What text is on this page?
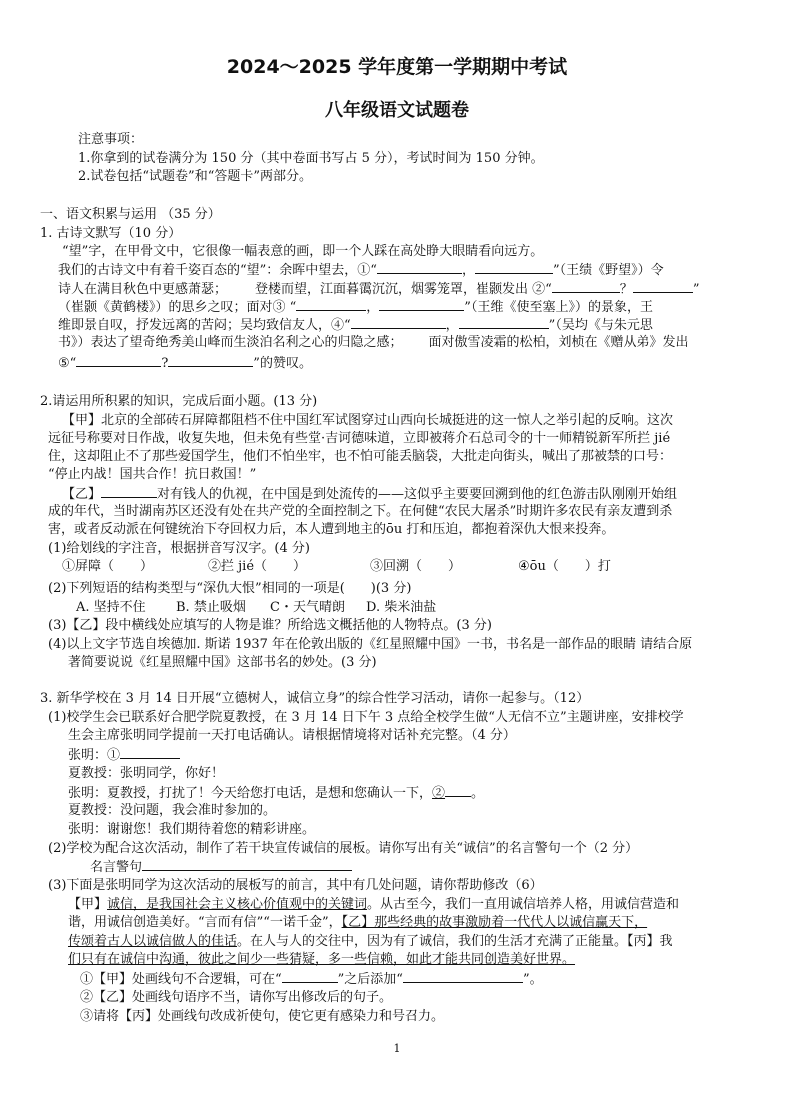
2024～2025 学年度第一学期期中考试
八年级语文试题卷
注意事项：
1.你拿到的试卷满分为 150 分（其中卷面书写占 5 分），考试时间为 150 分钟。
2.试卷包括“试题卷”和“答题卡”两部分。
一、语文积累与运用 （35 分）
1. 古诗文默写（10 分）
“望”字，在甲骨文中，它很像一幅表意的画，即一个人踩在高处睁大眼睛看向远方。
我们的古诗文中有着千姿百态的“望”：余晖中望去，①“	，	”（王绩《野望》）令
诗人在满目秋色中更感萧瑟； 登楼而望，江面暮霭沉沉，烟雾笼罩，崔颢发出 ②“	？	”
（崔颢《黄鹤楼》）的思乡之叹；面对③ “	，	”（王维《使至塞上》）的景象，王
维即景自叹，抒发远离的苦闷；吴均致信友人，④“	，	”（吴均《与朱元思
书》）表达了望奇绝秀美山峰而生淡泊名利之心的归隐之感； 面对傲雪凌霜的松柏，刘桢在《赠从弟》发出
⑤“	?	”的赞叹。
2.请运用所积累的知识，完成后面小题。(13 分)
【甲】北京的全部砖石屏障都阻档不住中国红军试图穿过山西向长城挺进的这一惊人之举引起的反响。这次
远征号称要对日作战，收复失地，但未免有些堂·吉诃德味道，立即被蒋介石总司令的十一师精锐新军所拦 jié
住，这却阻止不了那些爱国学生，他们不怕坐牢，也不怕可能丢脑袋，大批走向街头，喊出了那被禁的口号：
“停止内战！国共合作！抗日救国！”
【乙】	对有钱人的仇视，在中国是到处流传的——这似乎主要要回溯到他的红色游击队刚刚开始组
成的年代，当时湖南苏区还没有处在共产党的全面控制之下。在何健“农民大屠杀”时期许多农民有亲友遭到杀
害，或者反动派在何键统治下夺回权力后，本人遭到地主的ōu 打和压迫，都抱着深仇大恨来投奔。
(1)给划线的字注音，根据拼音写汉字。(4 分)
①屏障（　　）	②拦 jié（　　）	③回溯（　　）	④ōu（　　）打
(2)下列短语的结构类型与“深仇大恨”相同的一项是(　　)(3 分)
A. 坚持不住 B. 禁止吸烟 C・天气晴朗 D. 柴米油盐
(3)【乙】段中横线处应填写的人物是谁？所给选文概括他的人物特点。(3 分)
(4)以上文字节选自埃德加. 斯诺 1937 年在伦敦出版的《红星照耀中国》一书，书名是一部作品的眼睛 请结合原
著简要说说《红星照耀中国》这部书名的妙处。(3 分)
3. 新华学校在 3 月 14 日开展“立德树人，诚信立身”的综合性学习活动，请你一起参与。（12）
(1)校学生会已联系好合肥学院夏教授，在 3 月 14 日下午 3 点给全校学生做“人无信不立”主题讲座，安排校学
生会主席张明同学提前一天打电话确认。请根据情境将对话补充完整。（4 分）
张明：①
夏教授：张明同学，你好！
张明：夏教授，打扰了！今天给您打电话，是想和您确认一下，② 。
夏教授：没问题，我会准时参加的。
张明：谢谢您！我们期待着您的精彩讲座。
(2)学校为配合这次活动，制作了若干块宣传诚信的展板。请你写出有关“诚信”的名言警句一个（2 分）
名言警句
(3)下面是张明同学为这次活动的展板写的前言，其中有几处问题，请你帮助修改（6）
【甲】诚信，是我国社会主义核心价值观中的关键词。从古至今，我们一直用诚信培养人格，用诚信营造和
谐，用诚信创造美好。“言而有信”“一诺千金”，【乙】那些经典的故事激励着一代代人以诚信赢天下，
传颂着古人以诚信做人的佳话。在人与人的交往中，因为有了诚信，我们的生活才充满了正能量。【丙】我
们只有在诚信中沟通，彼此之间少一些猜疑，多一些信赖，如此才能共同创造美好世界。
①【甲】处画线句不合逻辑，可在“	”之后添加“	”。
②【乙】处画线句语序不当，请你写出修改后的句子。
③请将【丙】处画线句改成祈使句，使它更有感染力和号召力。
1
